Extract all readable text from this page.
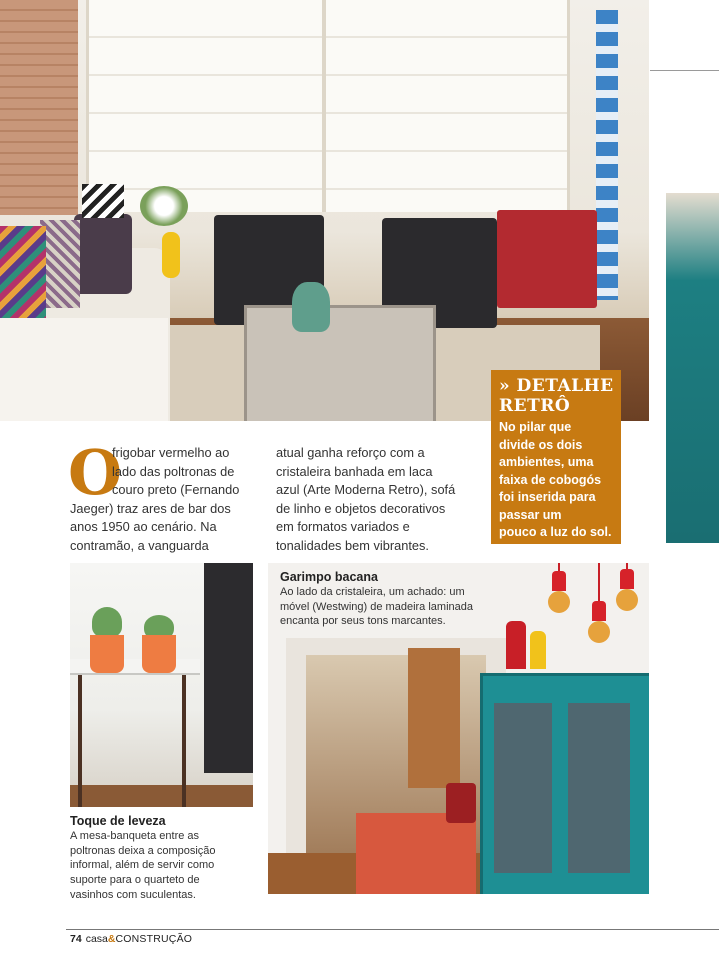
» DETALHE
RETRÔ
No pilar que
divide os dois
ambientes, uma
faixa de cobogós
foi inserida para
passar um
pouco a luz do sol.
O
frigobar vermelho ao
lado das poltronas de
couro preto (Fernando
Jaeger) traz ares de bar dos
anos 1950 ao cenário. Na
contramão, a vanguarda
atual ganha reforço com a
cristaleira banhada em laca
azul (Arte Moderna Retro), sofá
de linho e objetos decorativos
em formatos variados e
tonalidades bem vibrantes.
Toque de leveza
A mesa-banqueta entre as
poltronas deixa a composição
informal, além de servir como
suporte para o quarteto de
vasinhos com suculentas.
Garimpo bacana
Ao lado da cristaleira, um achado: um
móvel (Westwing) de madeira laminada
encanta por seus tons marcantes.
74 casa&CONSTRUÇÃO
